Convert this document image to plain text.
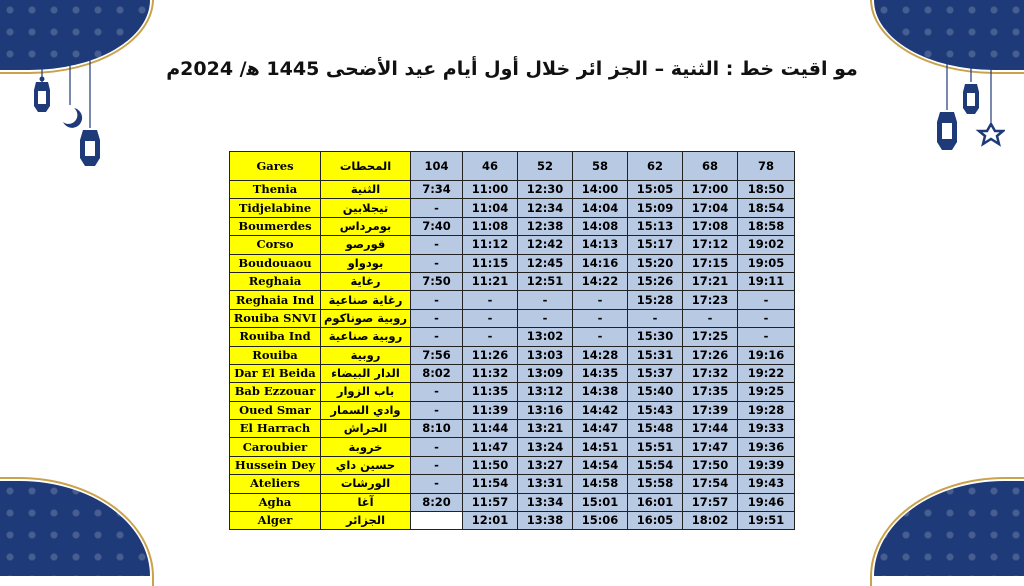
مو اقيت خط : الثنية – الجز ائر خلال أول أيام عيد الأضحى 1445 ﮬ/ 2024م
Gares	المحطات	104	46	52	58	62	68	78
Thenia	الثنية	7:34	11:00	12:30	14:00	15:05	17:00	18:50
Tidjelabine	تيجلابين	-	11:04	12:34	14:04	15:09	17:04	18:54
Boumerdes	بومرداس	7:40	11:08	12:38	14:08	15:13	17:08	18:58
Corso	قورصو	-	11:12	12:42	14:13	15:17	17:12	19:02
Boudouaou	بودواو	-	11:15	12:45	14:16	15:20	17:15	19:05
Reghaia	رغاية	7:50	11:21	12:51	14:22	15:26	17:21	19:11
Reghaia Ind	رغاية صناعية	-	-	-	-	15:28	17:23	-
Rouiba SNVI	روبية صوناكوم	-	-	-	-	-	-	-
Rouiba Ind	روبية صناعية	-	-	13:02	-	15:30	17:25	-
Rouiba	روبية	7:56	11:26	13:03	14:28	15:31	17:26	19:16
Dar El Beida	الدار البيضاء	8:02	11:32	13:09	14:35	15:37	17:32	19:22
Bab Ezzouar	باب الزوار	-	11:35	13:12	14:38	15:40	17:35	19:25
Oued Smar	وادي السمار	-	11:39	13:16	14:42	15:43	17:39	19:28
El Harrach	الحراش	8:10	11:44	13:21	14:47	15:48	17:44	19:33
Caroubier	خروبة	-	11:47	13:24	14:51	15:51	17:47	19:36
Hussein Dey	حسين داي	-	11:50	13:27	14:54	15:54	17:50	19:39
Ateliers	الورشات	-	11:54	13:31	14:58	15:58	17:54	19:43
Agha	آغا	8:20	11:57	13:34	15:01	16:01	17:57	19:46
Alger	الجزائر		12:01	13:38	15:06	16:05	18:02	19:51
